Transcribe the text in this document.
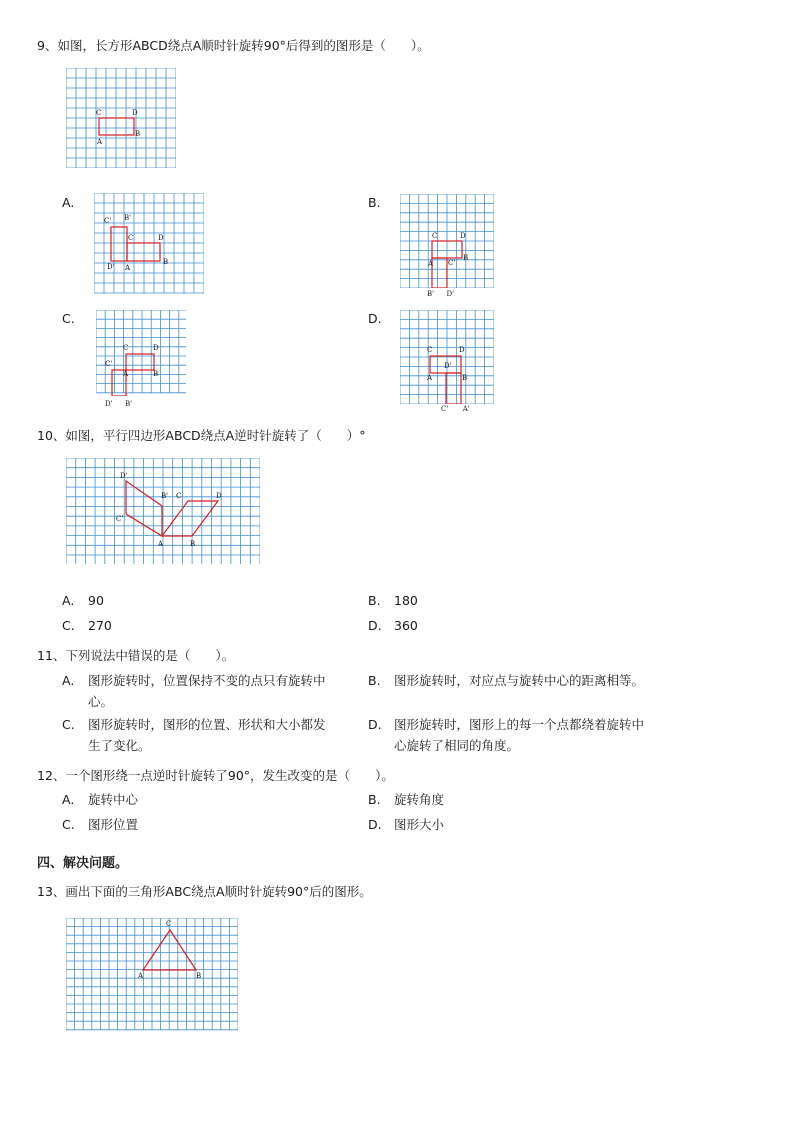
9、如图，长方形ABCD绕点A顺时针旋转90°后得到的图形是（　　）。
C	D
A
B
A.
C' B'
C	D
D' A
B
B.
C	D
C'
A
B
B' D'
C.
C	D
C'
A	B
D' B'
D.
C	D
D'
A	B
C' A'
10、如图，平行四边形ABCD绕点A逆时针旋转了（　　）°
D'
B' C	D
C'
A	B
A. 90	B. 180
C. 270	D. 360
11、下列说法中错误的是（　　）。
A. 图形旋转时，位置保持不变的点只有旋转中心。
B. 图形旋转时，对应点与旋转中心的距离相等。
C. 图形旋转时，图形的位置、形状和大小都发生了变化。
D. 图形旋转时，图形上的每一个点都绕着旋转中心旋转了相同的角度。
12、一个图形绕一点逆时针旋转了90°，发生改变的是（　　）。
A. 旋转中心	B. 旋转角度
C. 图形位置	D. 图形大小
四、解决问题。
13、画出下面的三角形ABC绕点A顺时针旋转90°后的图形。
C
A	B
